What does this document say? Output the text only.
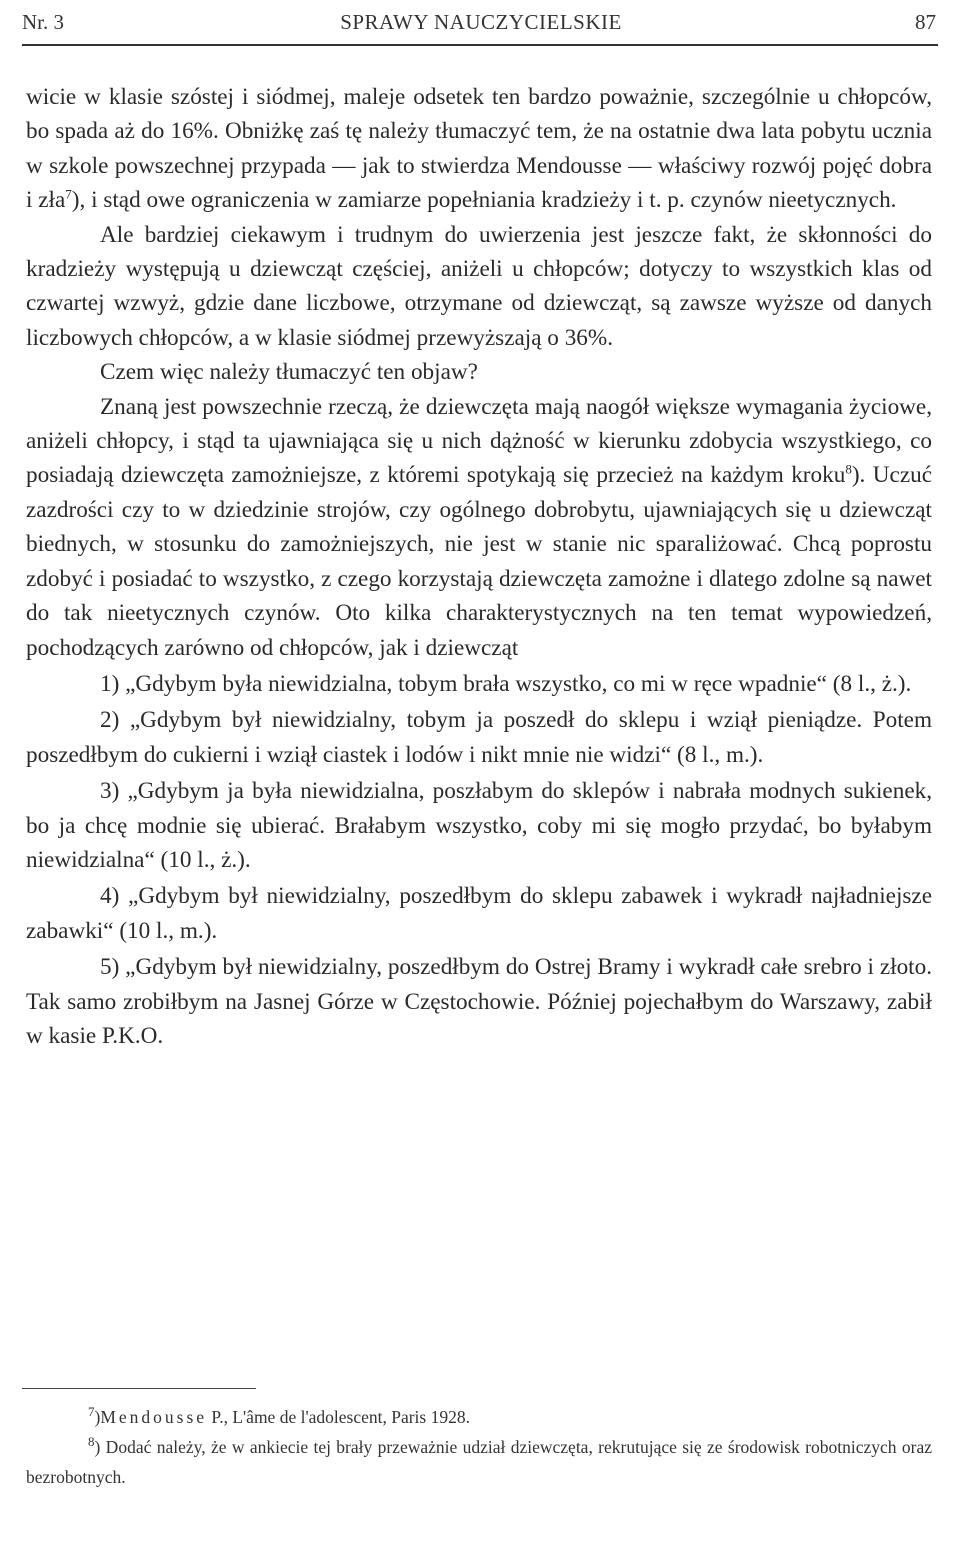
Nr. 3	SPRAWY NAUCZYCIELSKIE	87

wicie w klasie szóstej i siódmej, maleje odsetek ten bardzo poważnie, szczególnie u chłopców, bo spada aż do 16%. Obniżkę zaś tę należy tłumaczyć tem, że na ostatnie dwa lata pobytu ucznia w szkole powszechnej przypada — jak to stwierdza Mendousse — właściwy rozwój pojęć dobra i zła$^7$), i stąd owe ograniczenia w zamiarze popełniania kradzieży i t. p. czynów nieetycznych.

Ale bardziej ciekawym i trudnym do uwierzenia jest jeszcze fakt, że skłonności do kradzieży występują u dziewcząt częściej, aniżeli u chłopców; dotyczy to wszystkich klas od czwartej wzwyż, gdzie dane liczbowe, otrzymane od dziewcząt, są zawsze wyższe od danych liczbowych chłopców, a w klasie siódmej przewyższają o 36%.

Czem więc należy tłumaczyć ten objaw?

Znaną jest powszechnie rzeczą, że dziewczęta mają naogół większe wymagania życiowe, aniżeli chłopcy, i stąd ta ujawniająca się u nich dążność w kierunku zdobycia wszystkiego, co posiadają dziewczęta zamożniejsze, z któremi spotykają się przecież na każdym kroku$^8$). Uczuć zazdrości czy to w dziedzinie strojów, czy ogólnego dobrobytu, ujawniających się u dziewcząt biednych, w stosunku do zamożniejszych, nie jest w stanie nic sparaliżować. Chcą poprostu zdobyć i posiadać to wszystko, z czego korzystają dziewczęta zamożne i dlatego zdolne są nawet do tak nieetycznych czynów. Oto kilka charakterystycznych na ten temat wypowiedzeń, pochodzących zarówno od chłopców, jak i dziewcząt

1) „Gdybym była niewidzialna, tobym brała wszystko, co mi w ręce wpadnie“ (8 l., ż.).

2) „Gdybym był niewidzialny, tobym ja poszedł do sklepu i wziął pieniądze. Potem poszedłbym do cukierni i wziął ciastek i lodów i nikt mnie nie widzi“ (8 l., m.).

3) „Gdybym ja była niewidzialna, poszłabym do sklepów i nabrała modnych sukienek, bo ja chcę modnie się ubierać. Brałabym wszystko, coby mi się mogło przydać, bo byłabym niewidzialna“ (10 l., ż.).

4) „Gdybym był niewidzialny, poszedłbym do sklepu zabawek i wykradł najładniejsze zabawki“ (10 l., m.).

5) „Gdybym był niewidzialny, poszedłbym do Ostrej Bramy i wykradł całe srebro i złoto. Tak samo zrobiłbym na Jasnej Górze w Częstochowie. Później pojechałbym do Warszawy, zabił w kasie P.K.O.

$^7$)Mendousse P., L'âme de l'adolescent, Paris 1928.

$^8$) Dodać należy, że w ankiecie tej brały przeważnie udział dziewczęta, rekrutujące się ze środowisk robotniczych oraz bezrobotnych.
